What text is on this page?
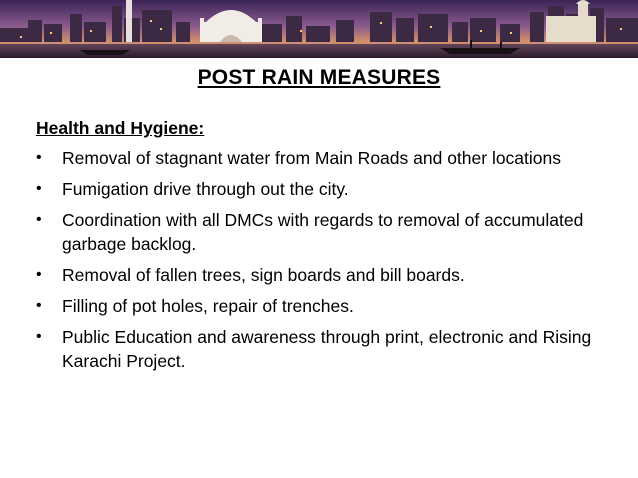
POST RAIN MEASURES
Health and Hygiene:
• Removal of stagnant water from Main Roads and other locations
• Fumigation drive through out the city.
• Coordination with all DMCs with regards to removal of accumulated garbage backlog.
• Removal of fallen trees, sign boards and bill boards.
• Filling of pot holes, repair of trenches.
• Public Education and awareness through print, electronic and Rising Karachi Project.
